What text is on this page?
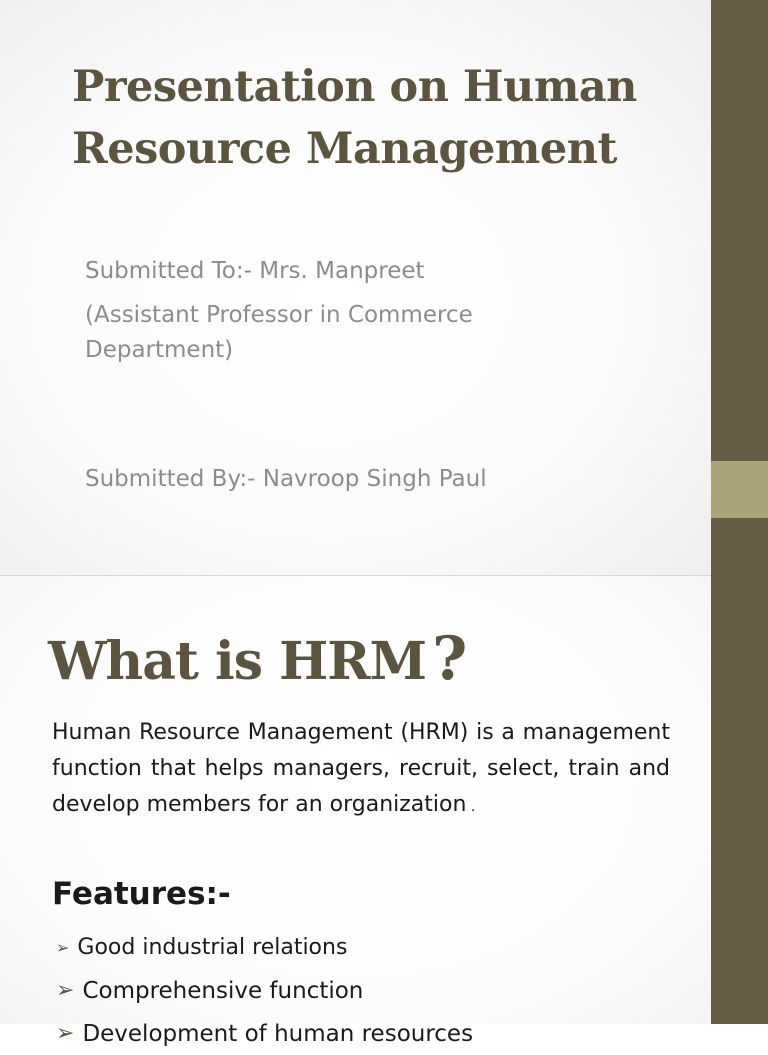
Presentation on Human Resource Management

Submitted To:- Mrs. Manpreet

(Assistant Professor in Commerce Department)

Submitted By:- Navroop Singh Paul

What is HRM ?

Human Resource Management (HRM) is a management function that helps managers, recruit, select, train and develop members for an organization .

Features:-
➢ Good industrial relations
➢ Comprehensive function
➢ Development of human resources
